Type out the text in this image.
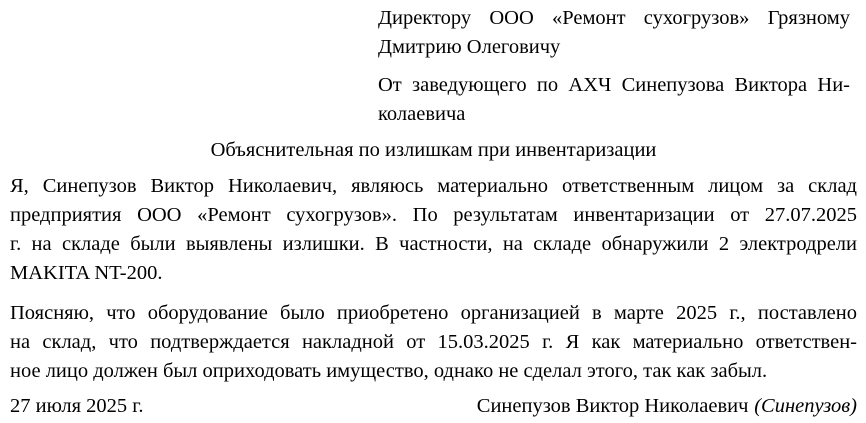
Директору ООО «Ремонт сухогрузов» Грязному
Дмитрию Олеговичу
От заведующего по АХЧ Синепузова Виктора Ни-
колаевича
Объяснительная по излишкам при инвентаризации
Я, Синепузов Виктор Николаевич, являюсь материально ответственным лицом за склад
предприятия ООО «Ремонт сухогрузов». По результатам инвентаризации от 27.07.2025
г. на складе были выявлены излишки. В частности, на складе обнаружили 2 электродрели
MAKITA NT-200.
Поясняю, что оборудование было приобретено организацией в марте 2025 г., поставлено
на склад, что подтверждается накладной от 15.03.2025 г. Я как материально ответствен-
ное лицо должен был оприходовать имущество, однако не сделал этого, так как забыл.
27 июля 2025 г.	Синепузов Виктор Николаевич (Синепузов)
